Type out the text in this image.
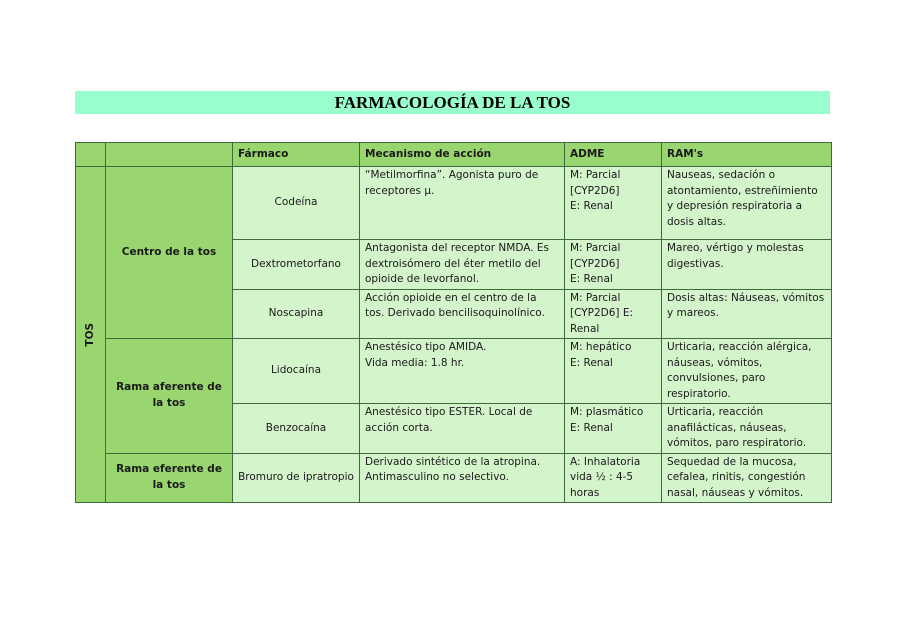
FARMACOLOGÍA DE LA TOS
		Fármaco	Mecanismo de acción	ADME	RAM's
TOS	Centro de la tos	Codeína	“Metilmorfina”. Agonista puro de receptores μ.	M: Parcial
[CYP2D6]
E: Renal	Nauseas, sedación o atontamiento, estreñimiento y depresión respiratoria a dosis altas.
		Dextrometorfano	Antagonista del receptor NMDA. Es dextroisómero del éter metilo del opioide de levorfanol.	M: Parcial
[CYP2D6]
E: Renal	Mareo, vértigo y molestas digestivas.
		Noscapina	Acción opioide en el centro de la tos. Derivado bencilisoquinolínico.	M: Parcial
[CYP2D6] E:
Renal	Dosis altas: Náuseas, vómitos y mareos.
	Rama aferente de la tos	Lidocaína	Anestésico tipo AMIDA.
Vida media: 1.8 hr.	M: hepático
E: Renal	Urticaria, reacción alérgica, náuseas, vómitos, convulsiones, paro respiratorio.
		Benzocaína	Anestésico tipo ESTER. Local de acción corta.	M: plasmático
E: Renal	Urticaria, reacción anafilácticas, náuseas, vómitos, paro respiratorio.
	Rama eferente de la tos	Bromuro de ipratropio	Derivado sintético de la atropina. Antimasculino no selectivo.	A: Inhalatoria vida ½ : 4-5 horas	Sequedad de la mucosa, cefalea, rinitis, congestión nasal, náuseas y vómitos.
